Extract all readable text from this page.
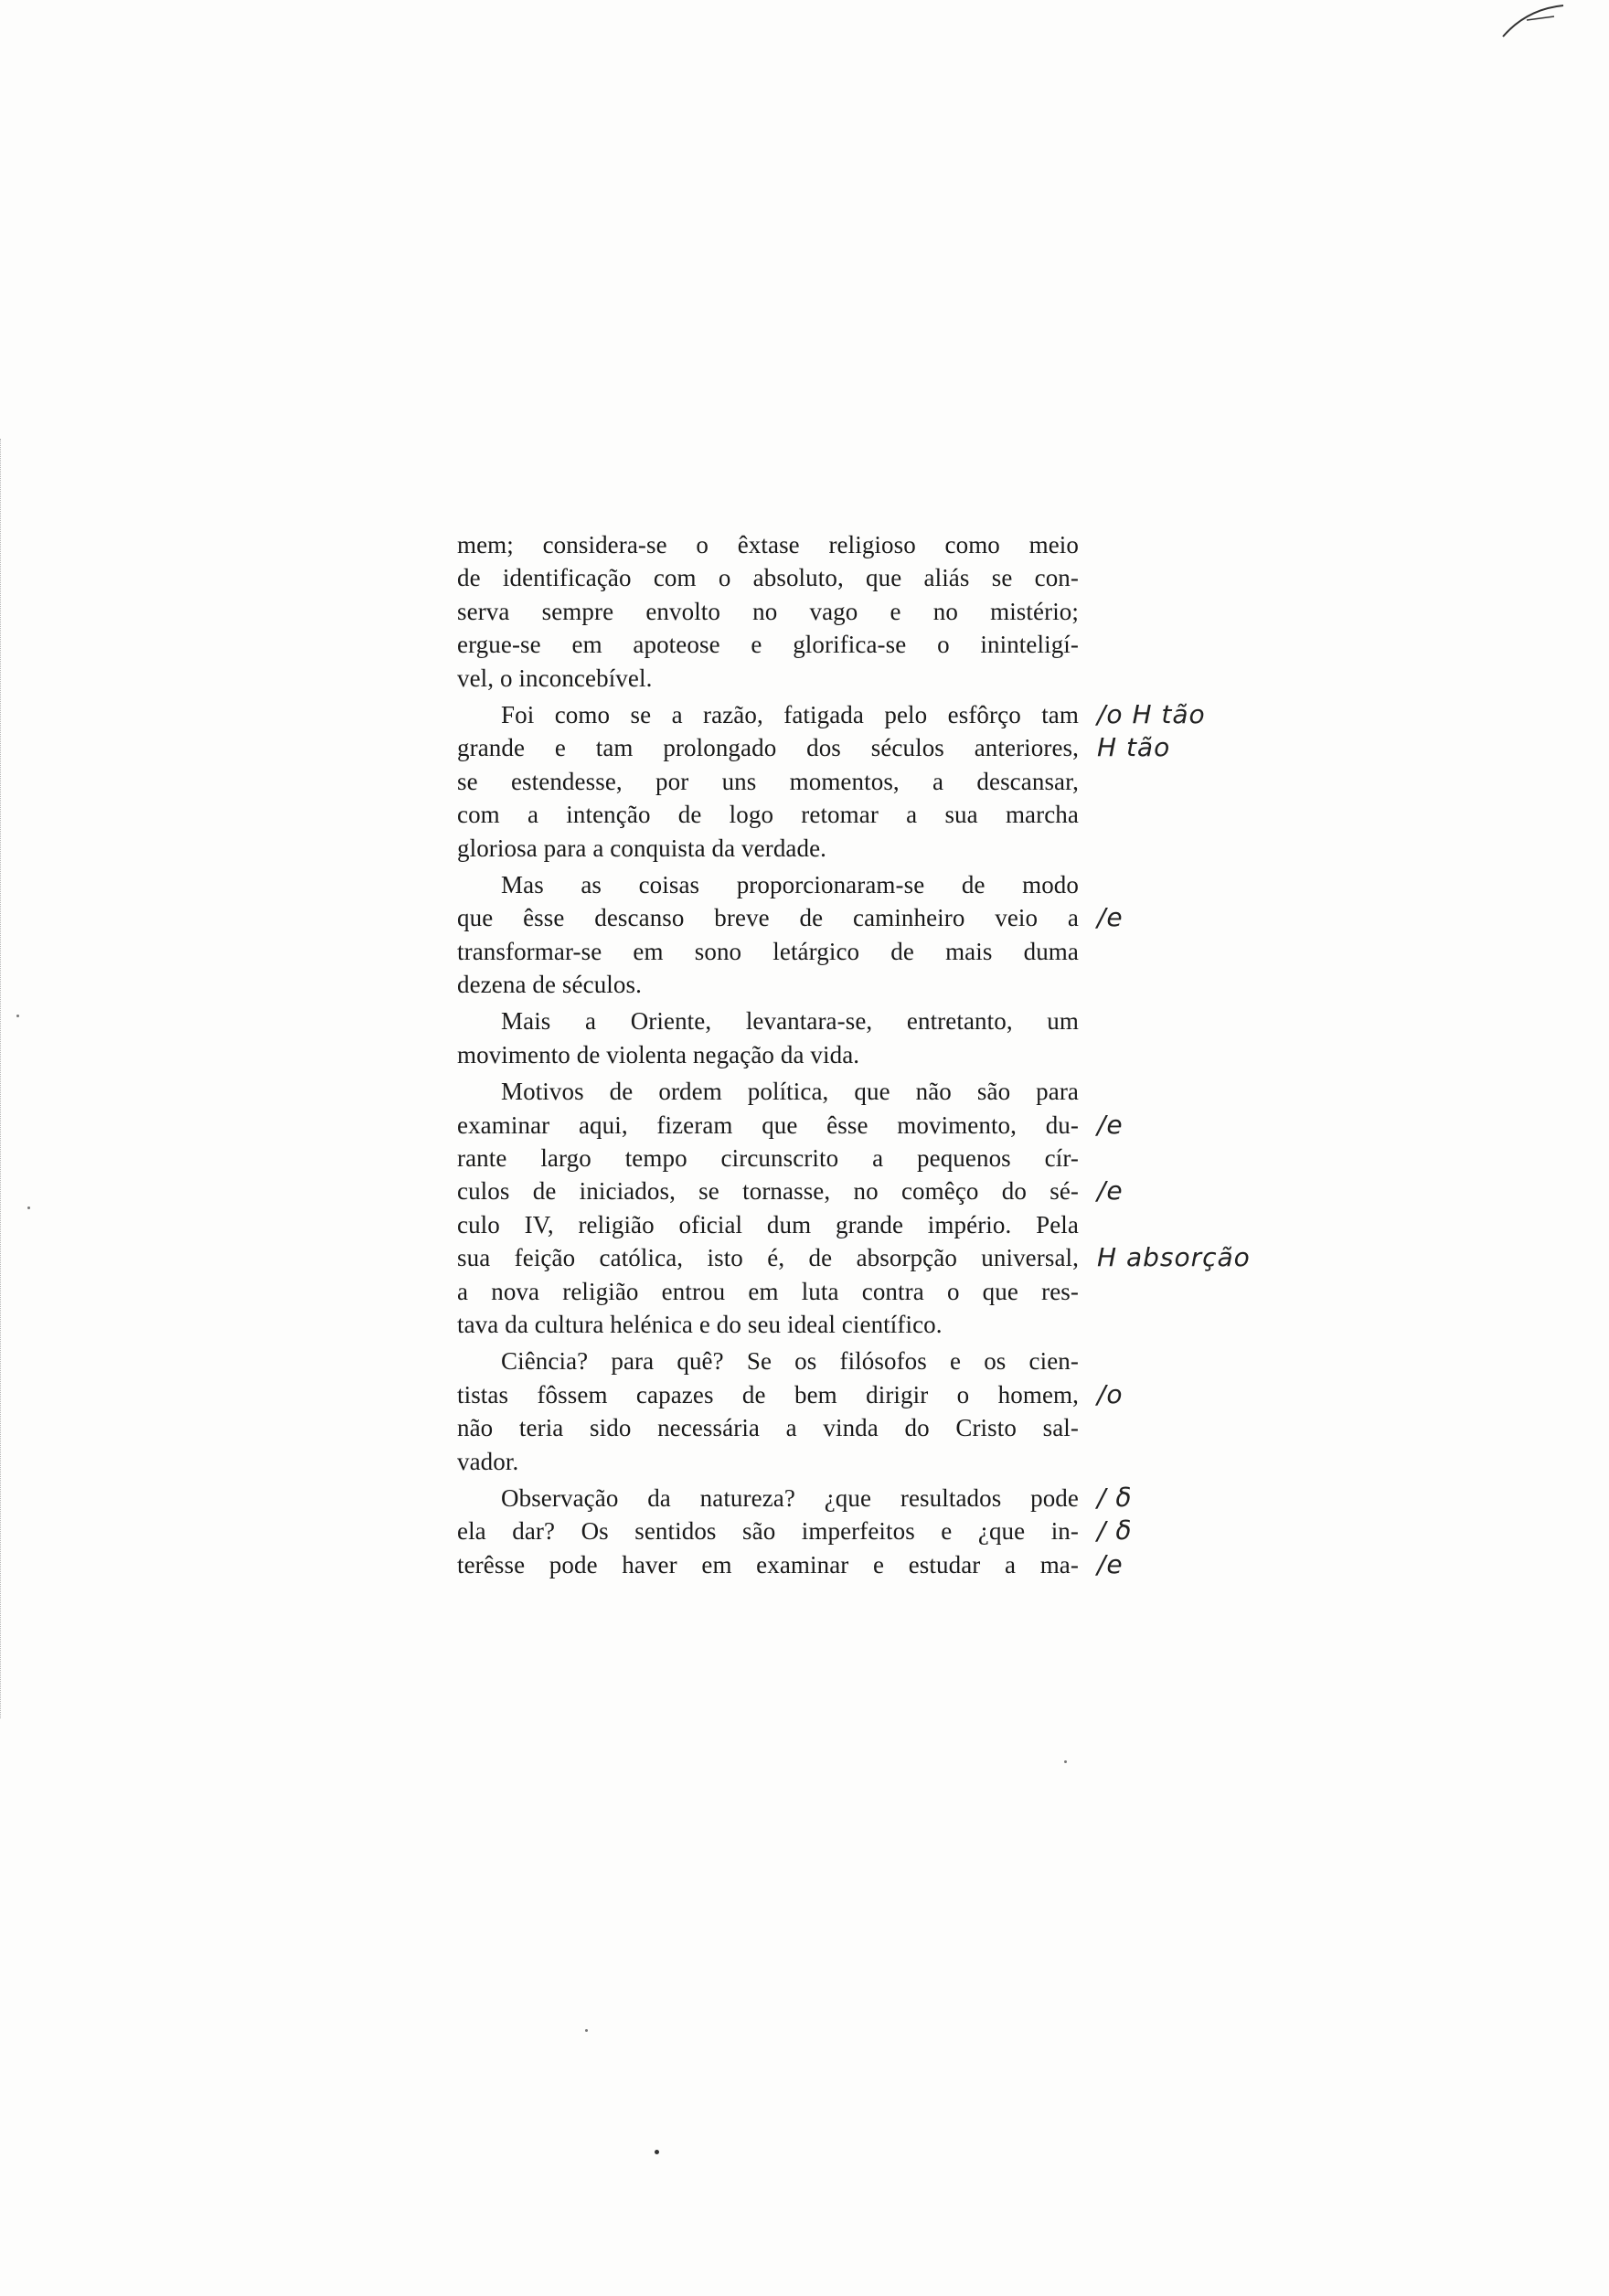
mem; considera-se o êxtase religioso como meio
de identificação com o absoluto, que aliás se con-
serva sempre envolto no vago e no mistério;
ergue-se em apoteose e glorifica-se o ininteligí-
vel, o inconcebível.
Foi como se a razão, fatigada pelo esfôrço tam /o H tão
grande e tam prolongado dos séculos anteriores, H tão
se estendesse, por uns momentos, a descansar,
com a intenção de logo retomar a sua marcha
gloriosa para a conquista da verdade.
Mas as coisas proporcionaram-se de modo
que êsse descanso breve de caminheiro veio a /e
transformar-se em sono letárgico de mais duma
dezena de séculos.
Mais a Oriente, levantara-se, entretanto, um
movimento de violenta negação da vida.
Motivos de ordem política, que não são para
examinar aqui, fizeram que êsse movimento, du- /e
rante largo tempo circunscrito a pequenos cír-
culos de iniciados, se tornasse, no comêço do sé- /e
culo IV, religião oficial dum grande império. Pela
sua feição católica, isto é, de absorpção universal, H absorção
a nova religião entrou em luta contra o que res-
tava da cultura helénica e do seu ideal científico.
Ciência? para quê? Se os filósofos e os cien-
tistas fôssem capazes de bem dirigir o homem, /o
não teria sido necessária a vinda do Cristo sal-
vador.
Observação da natureza? ¿que resultados pode / δ
ela dar? Os sentidos são imperfeitos e ¿que in- / δ
terêsse pode haver em examinar e estudar a ma- /e
